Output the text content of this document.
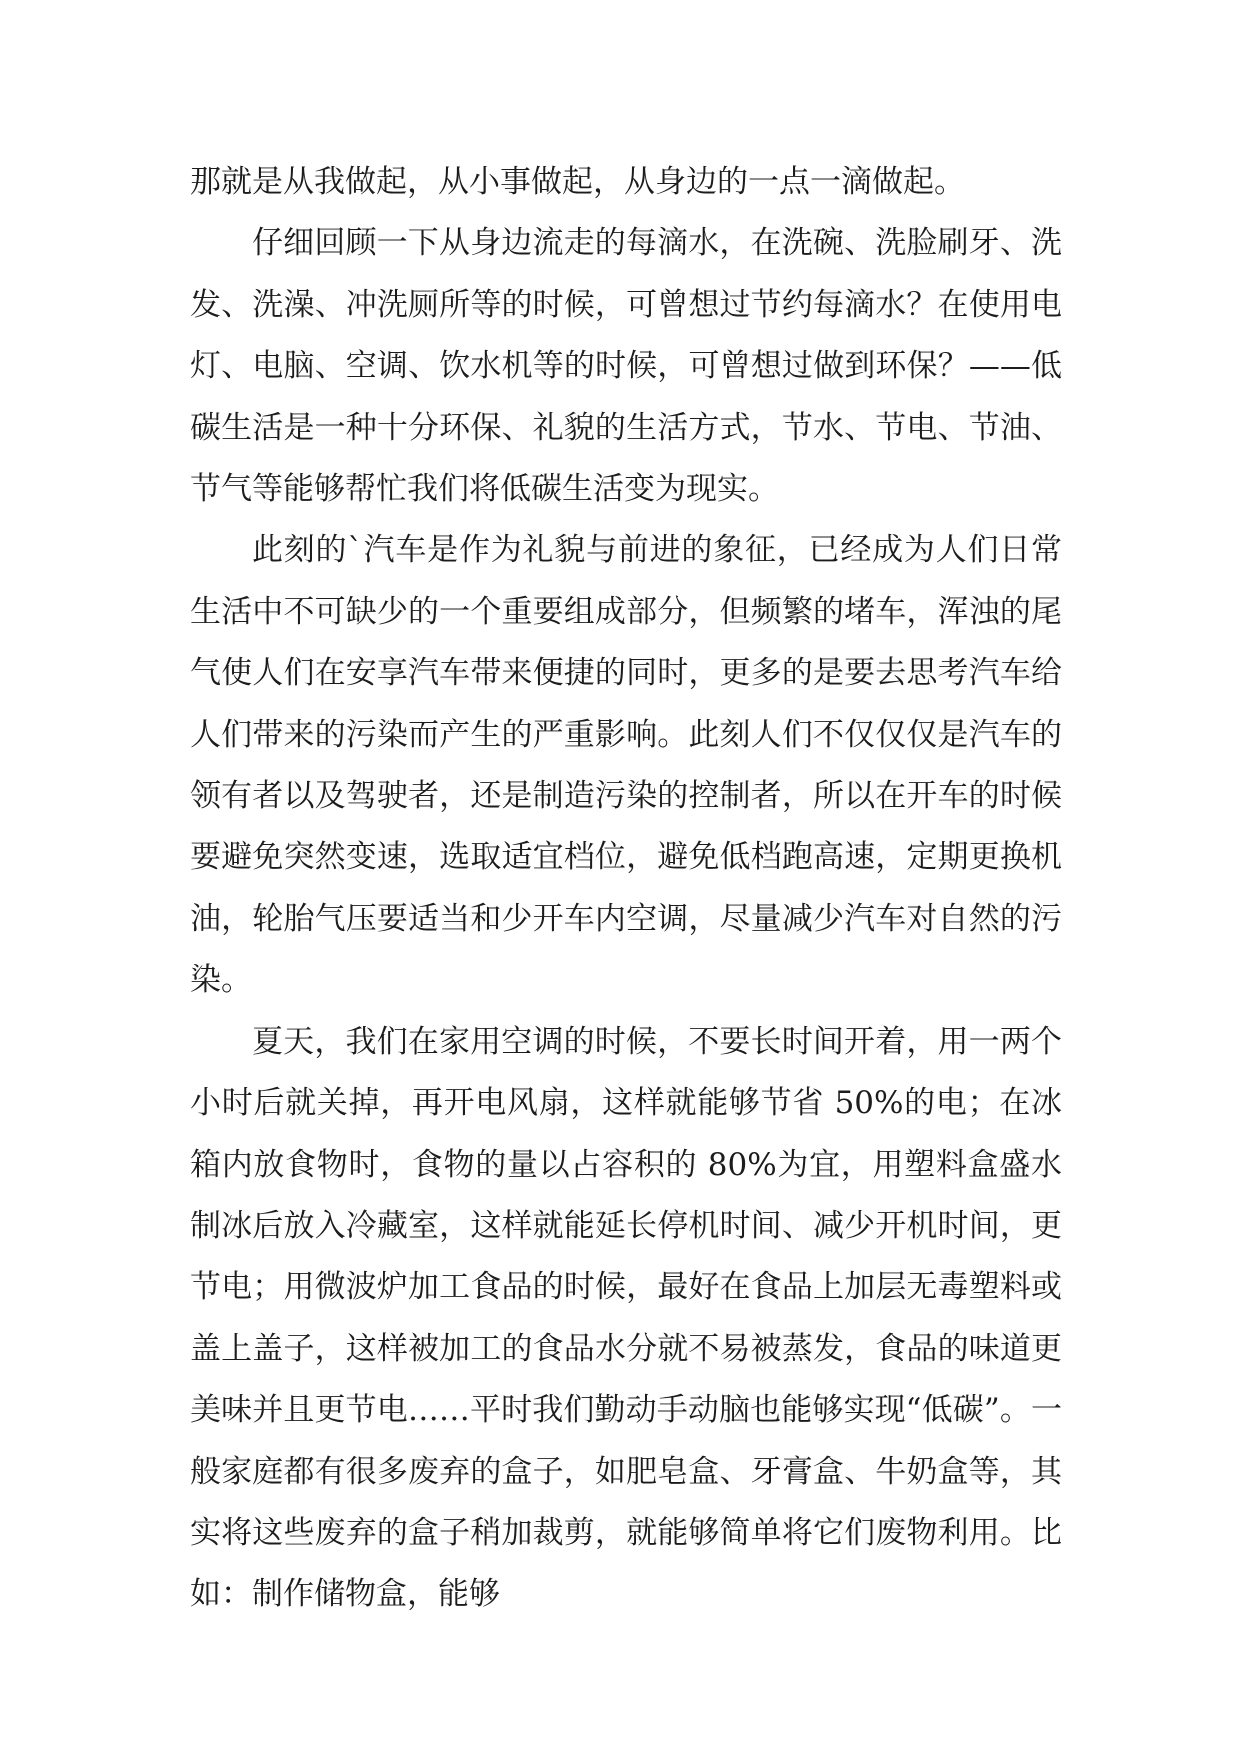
那就是从我做起，从小事做起，从身边的一点一滴做起。

仔细回顾一下从身边流走的每滴水，在洗碗、洗脸刷牙、洗发、洗澡、冲洗厕所等的时候，可曾想过节约每滴水？在使用电灯、电脑、空调、饮水机等的时候，可曾想过做到环保？——低碳生活是一种十分环保、礼貌的生活方式，节水、节电、节油、节气等能够帮忙我们将低碳生活变为现实。

此刻的`汽车是作为礼貌与前进的象征，已经成为人们日常生活中不可缺少的一个重要组成部分，但频繁的堵车，浑浊的尾气使人们在安享汽车带来便捷的同时，更多的是要去思考汽车给人们带来的污染而产生的严重影响。此刻人们不仅仅仅是汽车的领有者以及驾驶者，还是制造污染的控制者，所以在开车的时候要避免突然变速，选取适宜档位，避免低档跑高速，定期更换机油，轮胎气压要适当和少开车内空调，尽量减少汽车对自然的污染。

夏天，我们在家用空调的时候，不要长时间开着，用一两个小时后就关掉，再开电风扇，这样就能够节省 50%的电；在冰箱内放食物时，食物的量以占容积的 80%为宜，用塑料盒盛水制冰后放入冷藏室，这样就能延长停机时间、减少开机时间，更节电；用微波炉加工食品的时候，最好在食品上加层无毒塑料或盖上盖子，这样被加工的食品水分就不易被蒸发，食品的味道更美味并且更节电……平时我们勤动手动脑也能够实现“低碳”。一般家庭都有很多废弃的盒子，如肥皂盒、牙膏盒、牛奶盒等，其实将这些废弃的盒子稍加裁剪，就能够简单将它们废物利用。比如：制作储物盒，能够
